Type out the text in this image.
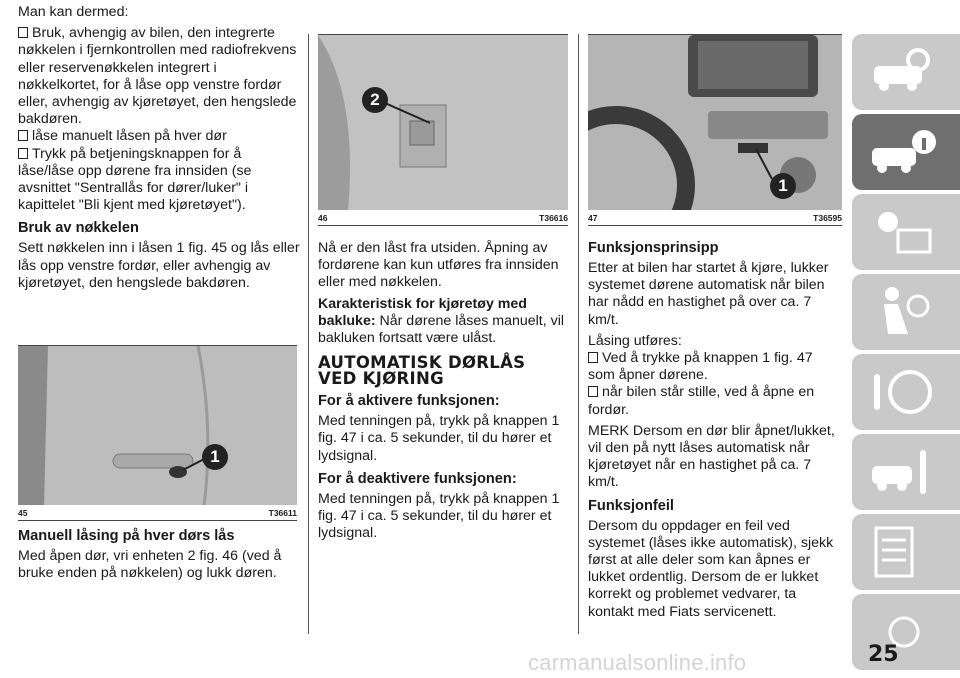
Man kan dermed:

Bruk, avhengig av bilen, den integrerte nøkkelen i fjernkontrollen med radiofrekvens eller reservenøkkelen integrert i nøkkelkortet, for å låse opp venstre fordør eller, avhengig av kjøretøyet, den hengslede bakdøren.
låse manuelt låsen på hver dør
Trykk på betjeningsknappen for å låse/låse opp dørene fra innsiden (se avsnittet "Sentrallås for dører/luker" i kapittelet "Bli kjent med kjøretøyet").
Bruk av nøkkelen

Sett nøkkelen inn i låsen 1 fig. 45 og lås eller lås opp venstre fordør, eller avhengig av kjøretøyet, den hengslede bakdøren.

1
45	T36611
Manuell låsing på hver dørs lås

Med åpen dør, vri enheten 2 fig. 46 (ved å bruke enden på nøkkelen) og lukk døren.

2
46	T36616

Nå er den låst fra utsiden. Åpning av fordørene kan kun utføres fra innsiden eller med nøkkelen.

Karakteristisk for kjøretøy med bakluke: Når dørene låses manuelt, vil bakluken fortsatt være ulåst.

AUTOMATISK DØRLÅS VED KJØRING
For å aktivere funksjonen:

Med tenningen på, trykk på knappen 1 fig. 47 i ca. 5 sekunder, til du hører et lydsignal.

For å deaktivere funksjonen:

Med tenningen på, trykk på knappen 1 fig. 47 i ca. 5 sekunder, til du hører et lydsignal.

1
47	T36595
Funksjonsprinsipp

Etter at bilen har startet å kjøre, lukker systemet dørene automatisk når bilen har nådd en hastighet på over ca. 7 km/t.

Låsing utføres:

Ved å trykke på knappen 1 fig. 47 som åpner dørene.
når bilen står stille, ved å åpne en fordør.

MERK Dersom en dør blir åpnet/lukket, vil den på nytt låses automatisk når kjøretøyet når en hastighet på ca. 7 km/t.

Funksjonfeil

Dersom du oppdager en feil ved systemet (låses ikke automatisk), sjekk først at alle deler som kan åpnes er lukket ordentlig. Dersom de er lukket korrekt og problemet vedvarer, ta kontakt med Fiats servicenett.

25
carmanualsonline.info
